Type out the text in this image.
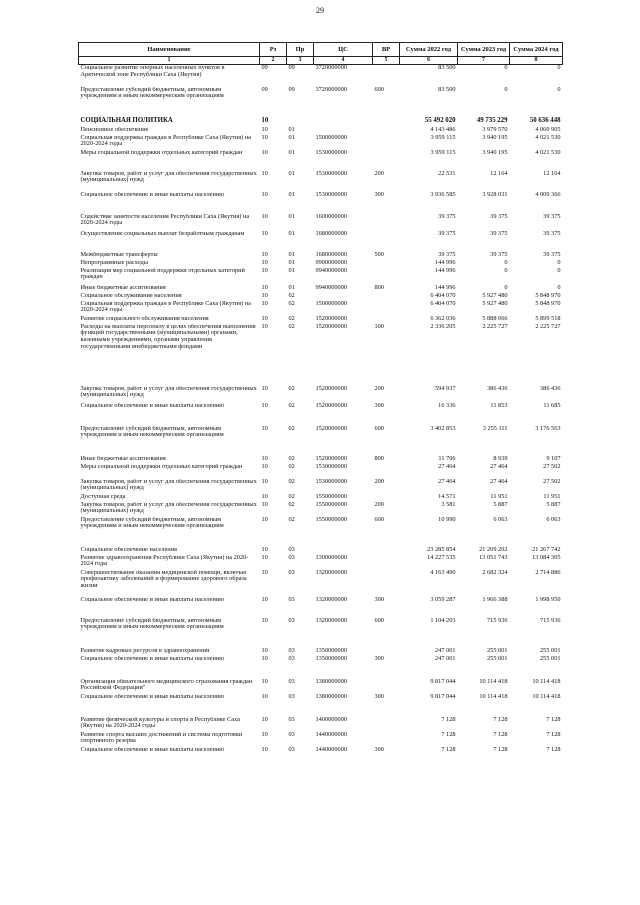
29
Наименование	Рз	Пр	ЦС	ВР	Сумма 2022 год	Сумма 2023 год	Сумма 2024 год
1	2	3	4	5	6	7	8
Социальное развитие опорных населенных пунктов в Арктической зоне Республики Саха (Якутия)	09	09	3720000000		83 500	0	0
Предоставление субсидий бюджетным, автономным учреждениям и иным некоммерческим организациям	09	09	3720000000	600	83 500	0	0
СОЦИАЛЬНАЯ ПОЛИТИКА	10				55 492 020	49 735 229	50 636 448
Пенсионное обеспечение	10	01			4 143 486	3 979 570	4 060 905
Социальная поддержка граждан в Республике Саха (Якутия) на 2020-2024 годы	10	01	1500000000		3 959 115	3 940 195	4 021 530
Меры социальной поддержки отдельных категорий граждан	10	01	1530000000		3 959 115	3 940 195	4 021 530
Закупка товаров, работ и услуг для обеспечения государственных (муниципальных) нужд	10	01	1530000000	200	22 531	12 164	12 164
Социальное обеспечение и иные выплаты населению	10	01	1530000000	300	3 936 585	3 928 031	4 009 366
Содействие занятости населения Республики Саха (Якутия) на 2020-2024 годы	10	01	1600000000		39 375	39 375	39 375
Осуществление социальных выплат безработным гражданам	10	01	1680000000		39 375	39 375	39 375
Межбюджетные трансферты	10	01	1680000000	500	39 375	39 375	39 375
Непрограммные расходы	10	01	9900000000		144 996	0	0
Реализация мер социальной поддержки отдельных категорий граждан	10	01	9940000000		144 996	0	0
Иные бюджетные ассигнования	10	01	9940000000	800	144 996	0	0
Социальное обслуживание населения	10	02			6 404 070	5 927 480	5 848 970
Социальная поддержка граждан в Республике Саха (Якутия) на 2020-2024 годы	10	02	1500000000		6 404 070	5 927 480	5 848 970
Развитие социального обслуживания населения	10	02	1520000000		6 362 036	5 888 066	5 899 518
Расходы на выплаты персоналу в целях обеспечения выполнения функций государственными (муниципальными) органами, казенными учреждениями, органами управления государственными внебюджетными фондами	10	02	1520000000	100	2 336 205	2 225 727	2 225 727
Закупка товаров, работ и услуг для обеспечения государственных (муниципальных) нужд	10	02	1520000000	200	594 937	386 436	386 436
Социальное обеспечение и иные выплаты населению	10	02	1520000000	300	16 336	11 853	11 685
Предоставление субсидий бюджетным, автономным учреждениям и иным некоммерческим организациям	10	02	1520000000	600	3 402 853	3 255 111	3 176 563
Иные бюджетные ассигнования	10	02	1520000000	800	11 706	8 939	9 107
Меры социальной поддержки отдельных категорий граждан	10	02	1530000000		27 464	27 464	27 502
Закупка товаров, работ и услуг для обеспечения государственных (муниципальных) нужд	10	02	1530000000	200	27 464	27 464	27 502
Доступная среда	10	02	1550000000		14 571	11 951	11 951
Закупка товаров, работ и услуг для обеспечения государственных (муниципальных) нужд	10	02	1550000000	200	3 581	5 887	5 887
Предоставление субсидий бюджетным, автономным учреждениям и иным некоммерческим организациям	10	02	1550000000	600	10 990	6 063	6 063
Социальное обеспечение населения	10	03			23 285 854	21 209 202	21 267 742
Развитие здравоохранения Республики Саха (Якутия) на 2020-2024 годы	10	03	1300000000		14 227 535	13 051 743	13 084 305
Совершенствование оказания медицинской помощи, включая профилактику заболеваний и формирование здорового образа жизни	10	03	1320000000		4 163 490	2 682 324	2 714 886
Социальное обеспечение и иные выплаты населению	10	03	1320000000	300	3 059 287	1 966 388	1 998 950
Предоставление субсидий бюджетным, автономным учреждениям и иным некоммерческим организациям	10	03	1320000000	600	1 104 203	715 936	715 936
Развитие кадровых ресурсов в здравоохранении	10	03	1350000000		247 001	255 001	255 001
Социальное обеспечение и иные выплаты населению	10	03	1350000000	300	247 001	255 001	255 001
Организация обязательного медицинского страхования граждан Российской Федерации"	10	03	1380000000		9 817 044	10 114 418	10 114 418
Социальное обеспечение и иные выплаты населению	10	03	1380000000	300	9 817 044	10 114 418	10 114 418
Развитие физической культуры и спорта в Республике Саха (Якутия) на 2020-2024 годы	10	03	1400000000		7 128	7 128	7 128
Развитие спорта высших достижений и системы подготовки спортивного резерва	10	03	1440000000		7 128	7 128	7 128
Социальное обеспечение и иные выплаты населению	10	03	1440000000	300	7 128	7 128	7 128
